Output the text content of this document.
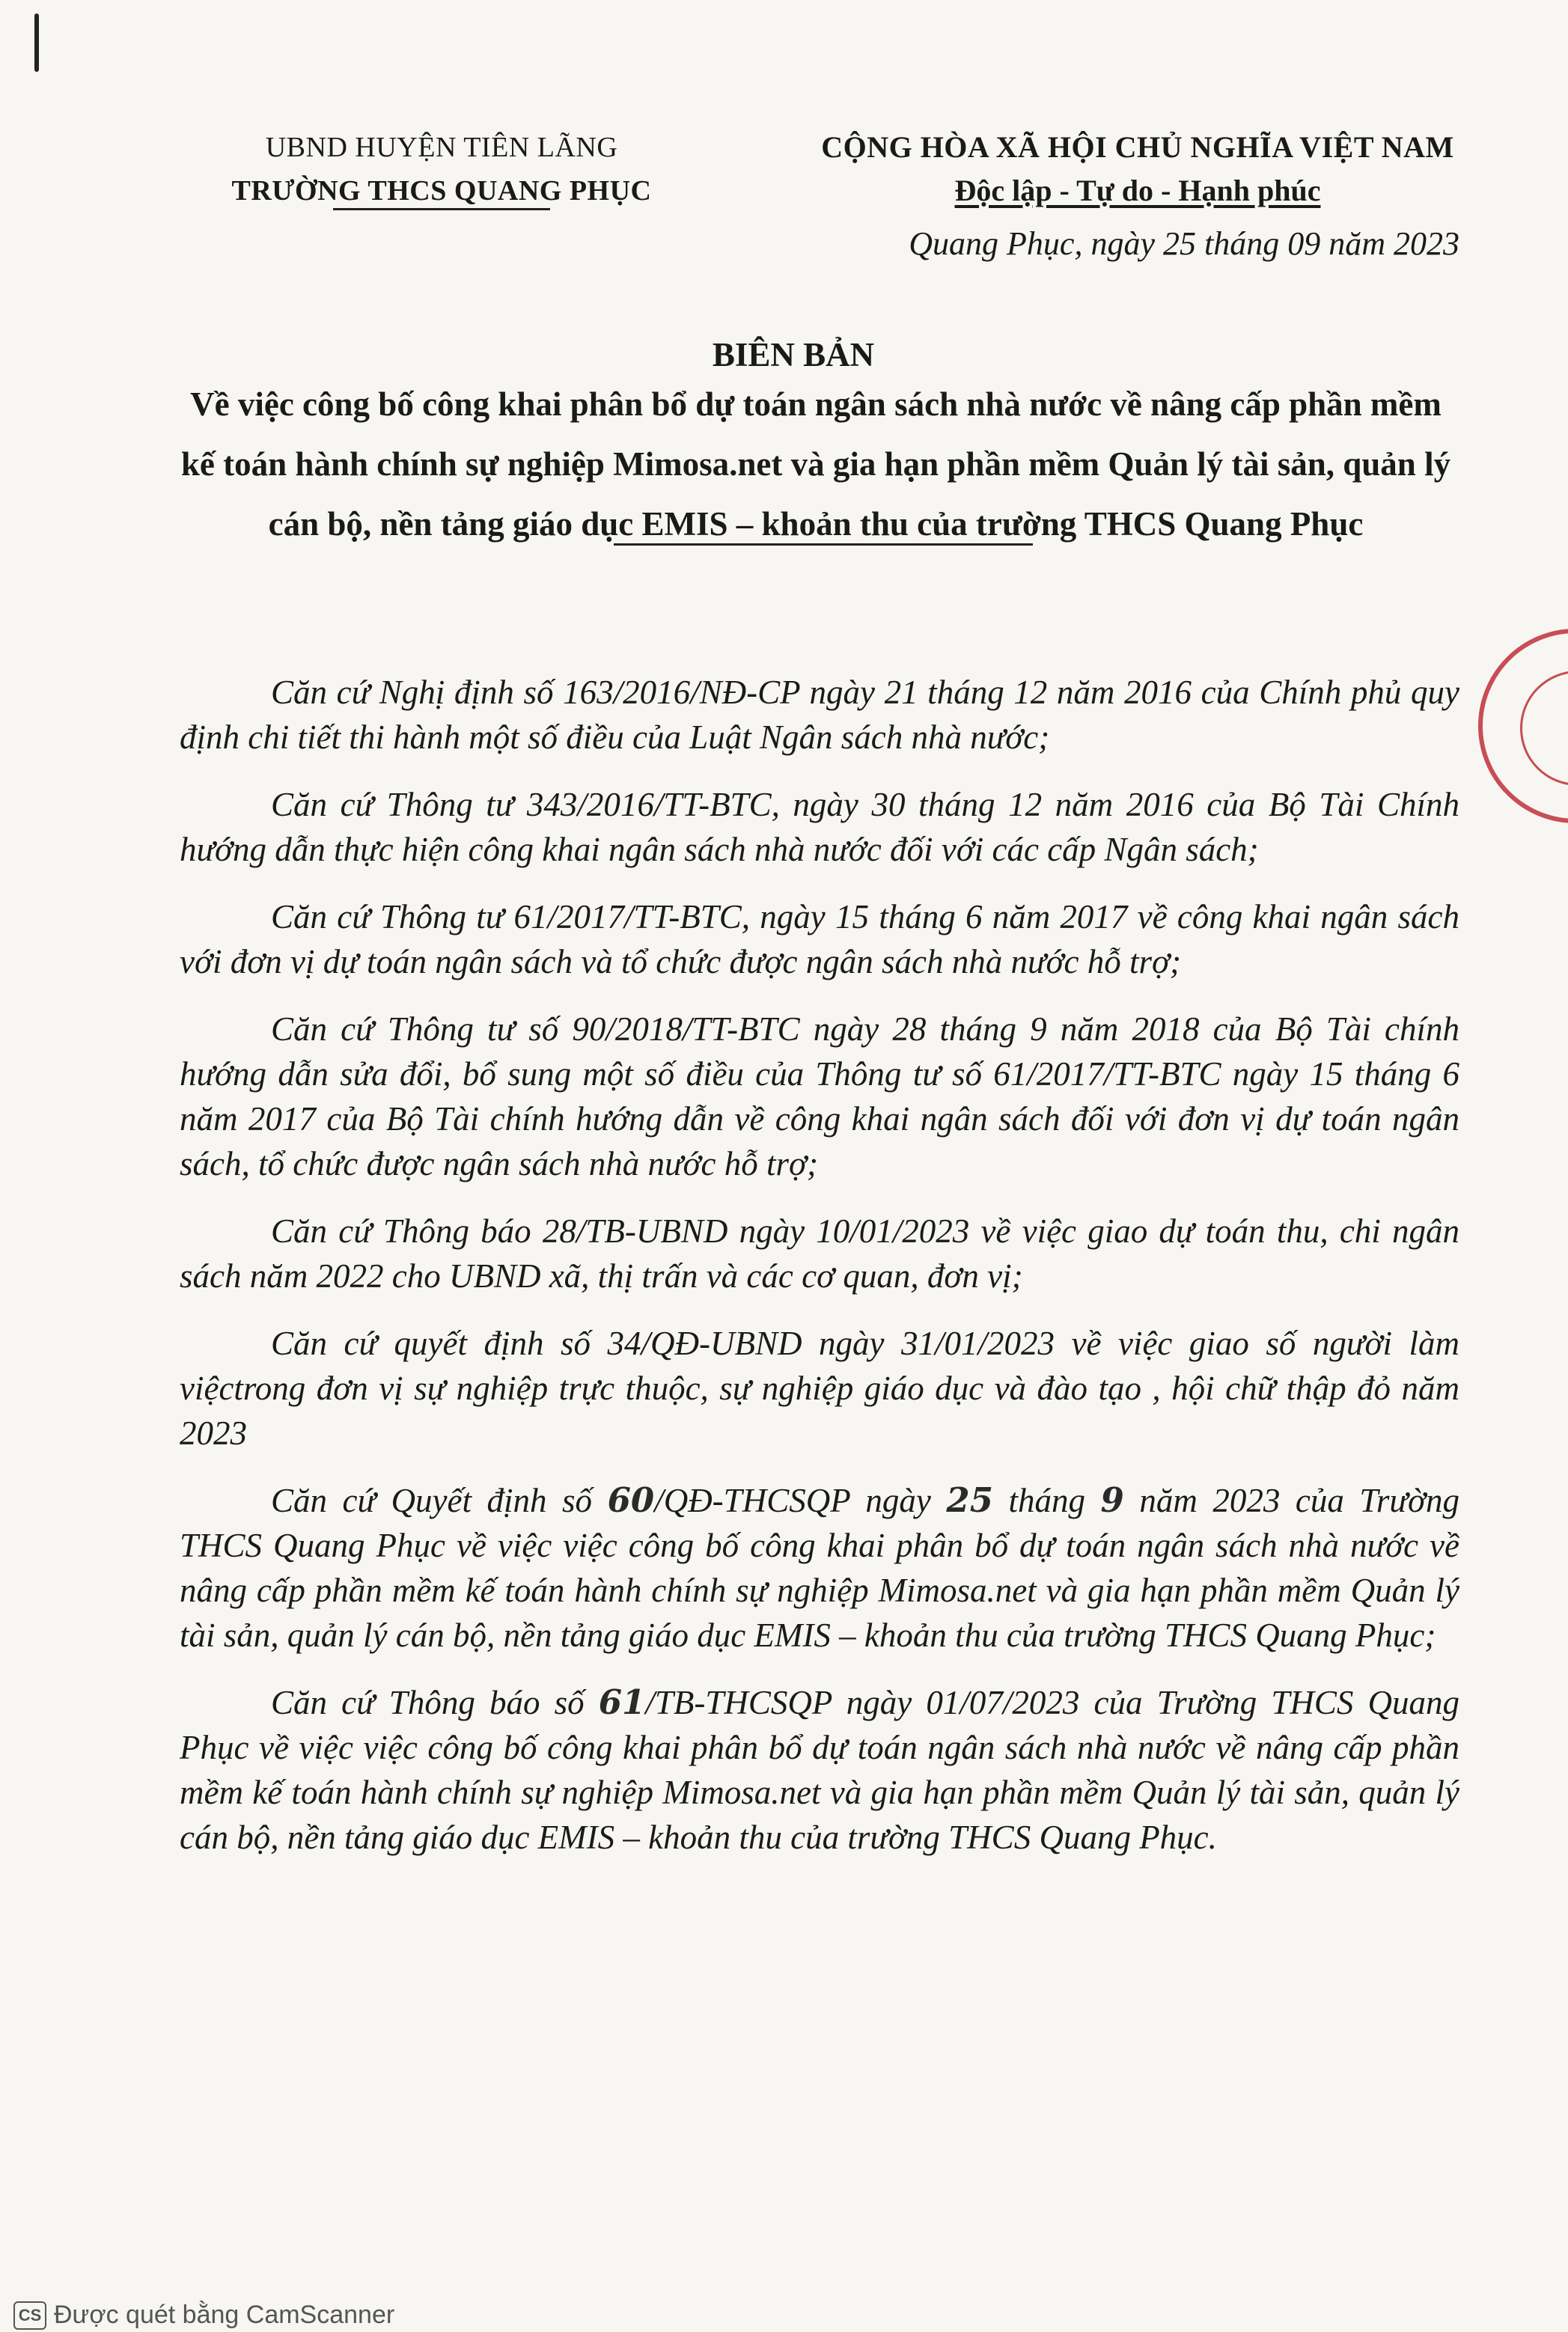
UBND HUYỆN TIÊN LÃNG
TRƯỜNG THCS QUANG PHỤC
CỘNG HÒA XÃ HỘI CHỦ NGHĨA VIỆT NAM
Độc lập - Tự do - Hạnh phúc
Quang Phục, ngày 25 tháng 09 năm 2023
BIÊN BẢN
Về việc công bố công khai phân bổ dự toán ngân sách nhà nước về nâng cấp phần mềm kế toán hành chính sự nghiệp Mimosa.net và gia hạn phần mềm Quản lý tài sản, quản lý cán bộ, nền tảng giáo dục EMIS – khoản thu của trường THCS Quang Phục

Căn cứ Nghị định số 163/2016/NĐ-CP ngày 21 tháng 12 năm 2016 của Chính phủ quy định chi tiết thi hành một số điều của Luật Ngân sách nhà nước;

Căn cứ Thông tư 343/2016/TT-BTC, ngày 30 tháng 12 năm 2016 của Bộ Tài Chính hướng dẫn thực hiện công khai ngân sách nhà nước đối với các cấp Ngân sách;

Căn cứ Thông tư 61/2017/TT-BTC, ngày 15 tháng 6 năm 2017 về công khai ngân sách với đơn vị dự toán ngân sách và tổ chức được ngân sách nhà nước hỗ trợ;

Căn cứ Thông tư số 90/2018/TT-BTC ngày 28 tháng 9 năm 2018 của Bộ Tài chính hướng dẫn sửa đổi, bổ sung một số điều của Thông tư số 61/2017/TT-BTC ngày 15 tháng 6 năm 2017 của Bộ Tài chính hướng dẫn về công khai ngân sách đối với đơn vị dự toán ngân sách, tổ chức được ngân sách nhà nước hỗ trợ;

Căn cứ Thông báo 28/TB-UBND ngày 10/01/2023 về việc giao dự toán thu, chi ngân sách năm 2022 cho UBND xã, thị trấn và các cơ quan, đơn vị;

Căn cứ quyết định số 34/QĐ-UBND ngày 31/01/2023 về việc giao số người làm việctrong đơn vị sự nghiệp trực thuộc, sự nghiệp giáo dục và đào tạo , hội chữ thập đỏ năm 2023

Căn cứ Quyết định số 60/QĐ-THCSQP ngày 25 tháng 9 năm 2023 của Trường THCS Quang Phục về việc việc công bố công khai phân bổ dự toán ngân sách nhà nước về nâng cấp phần mềm kế toán hành chính sự nghiệp Mimosa.net và gia hạn phần mềm Quản lý tài sản, quản lý cán bộ, nền tảng giáo dục EMIS – khoản thu của trường THCS Quang Phục;

Căn cứ Thông báo số 61/TB-THCSQP ngày 01/07/2023 của Trường THCS Quang Phục về việc việc công bố công khai phân bổ dự toán ngân sách nhà nước về nâng cấp phần mềm kế toán hành chính sự nghiệp Mimosa.net và gia hạn phần mềm Quản lý tài sản, quản lý cán bộ, nền tảng giáo dục EMIS – khoản thu của trường THCS Quang Phục.

CS Được quét bằng CamScanner
